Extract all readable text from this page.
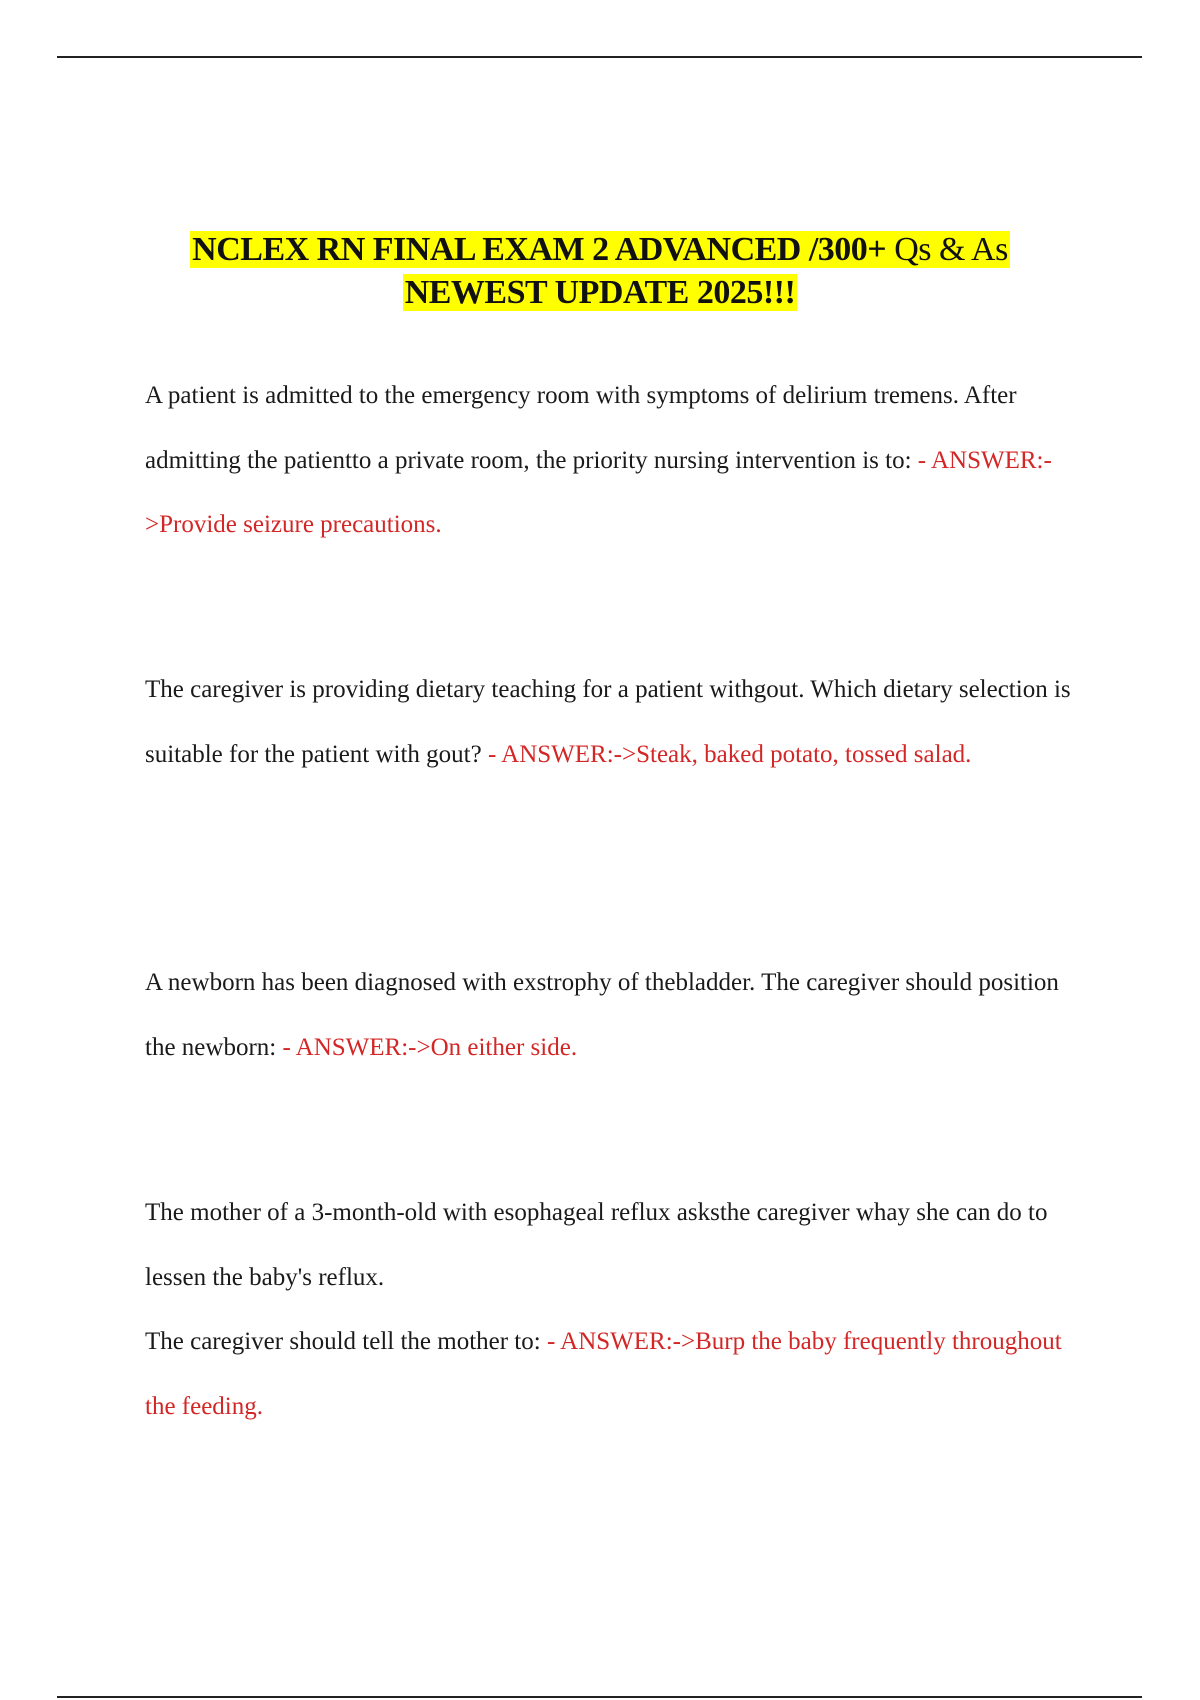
NCLEX RN FINAL EXAM 2 ADVANCED /300+ Qs & As
NEWEST UPDATE 2025!!!

A patient is admitted to the emergency room with symptoms of delirium tremens. After admitting the patientto a private room, the priority nursing intervention is to: - ANSWER:->Provide seizure precautions.

The caregiver is providing dietary teaching for a patient withgout. Which dietary selection is suitable for the patient with gout? - ANSWER:->Steak, baked potato, tossed salad.

A newborn has been diagnosed with exstrophy of thebladder. The caregiver should position the newborn: - ANSWER:->On either side.

The mother of a 3-month-old with esophageal reflux asksthe caregiver whay she can do to lessen the baby's reflux.

The caregiver should tell the mother to: - ANSWER:->Burp the baby frequently throughout the feeding.
